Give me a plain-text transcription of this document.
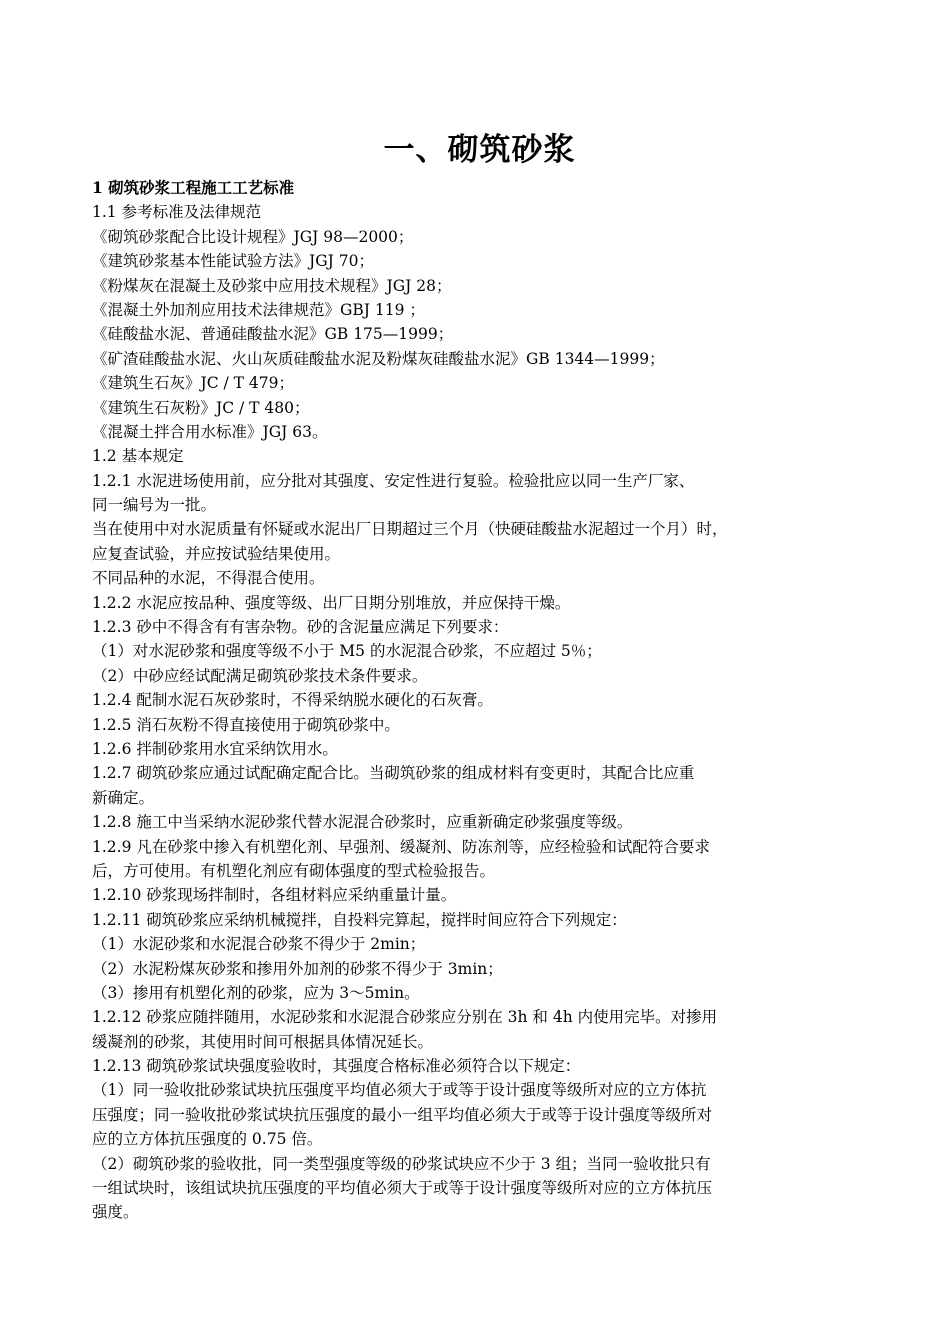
一、砌筑砂浆
1 砌筑砂浆工程施工工艺标准
1.1 参考标准及法律规范
《砌筑砂浆配合比设计规程》JGJ 98—2000；
《建筑砂浆基本性能试验方法》JGJ 70；
《粉煤灰在混凝土及砂浆中应用技术规程》JGJ 28；
《混凝土外加剂应用技术法律规范》GBJ 119 ；
《硅酸盐水泥、普通硅酸盐水泥》GB 175—1999；
《矿渣硅酸盐水泥、火山灰质硅酸盐水泥及粉煤灰硅酸盐水泥》GB 1344—1999；
《建筑生石灰》JC / T 479；
《建筑生石灰粉》JC / T 480；
《混凝土拌合用水标准》JGJ 63。
1.2 基本规定
1.2.1 水泥进场使用前，应分批对其强度、安定性进行复验。检验批应以同一生产厂家、
同一编号为一批。
当在使用中对水泥质量有怀疑或水泥出厂日期超过三个月（快硬硅酸盐水泥超过一个月）时，
应复查试验，并应按试验结果使用。
不同品种的水泥，不得混合使用。
1.2.2 水泥应按品种、强度等级、出厂日期分别堆放，并应保持干燥。
1.2.3 砂中不得含有有害杂物。砂的含泥量应满足下列要求：
（1）对水泥砂浆和强度等级不小于 M5 的水泥混合砂浆，不应超过 5％；
（2）中砂应经试配满足砌筑砂浆技术条件要求。
1.2.4 配制水泥石灰砂浆时，不得采纳脱水硬化的石灰膏。
1.2.5 消石灰粉不得直接使用于砌筑砂浆中。
1.2.6 拌制砂浆用水宜采纳饮用水。
1.2.7 砌筑砂浆应通过试配确定配合比。当砌筑砂浆的组成材料有变更时，其配合比应重
新确定。
1.2.8 施工中当采纳水泥砂浆代替水泥混合砂浆时，应重新确定砂浆强度等级。
1.2.9 凡在砂浆中掺入有机塑化剂、早强剂、缓凝剂、防冻剂等，应经检验和试配符合要求
后，方可使用。有机塑化剂应有砌体强度的型式检验报告。
1.2.10 砂浆现场拌制时，各组材料应采纳重量计量。
1.2.11 砌筑砂浆应采纳机械搅拌，自投料完算起，搅拌时间应符合下列规定：
（1）水泥砂浆和水泥混合砂浆不得少于 2min；
（2）水泥粉煤灰砂浆和掺用外加剂的砂浆不得少于 3min；
（3）掺用有机塑化剂的砂浆，应为 3～5min。
1.2.12 砂浆应随拌随用，水泥砂浆和水泥混合砂浆应分别在 3h 和 4h 内使用完毕。对掺用
缓凝剂的砂浆，其使用时间可根据具体情况延长。
1.2.13 砌筑砂浆试块强度验收时，其强度合格标准必须符合以下规定：
（1）同一验收批砂浆试块抗压强度平均值必须大于或等于设计强度等级所对应的立方体抗
压强度；同一验收批砂浆试块抗压强度的最小一组平均值必须大于或等于设计强度等级所对
应的立方体抗压强度的 0.75 倍。
（2）砌筑砂浆的验收批，同一类型强度等级的砂浆试块应不少于 3 组；当同一验收批只有
一组试块时，该组试块抗压强度的平均值必须大于或等于设计强度等级所对应的立方体抗压
强度。
